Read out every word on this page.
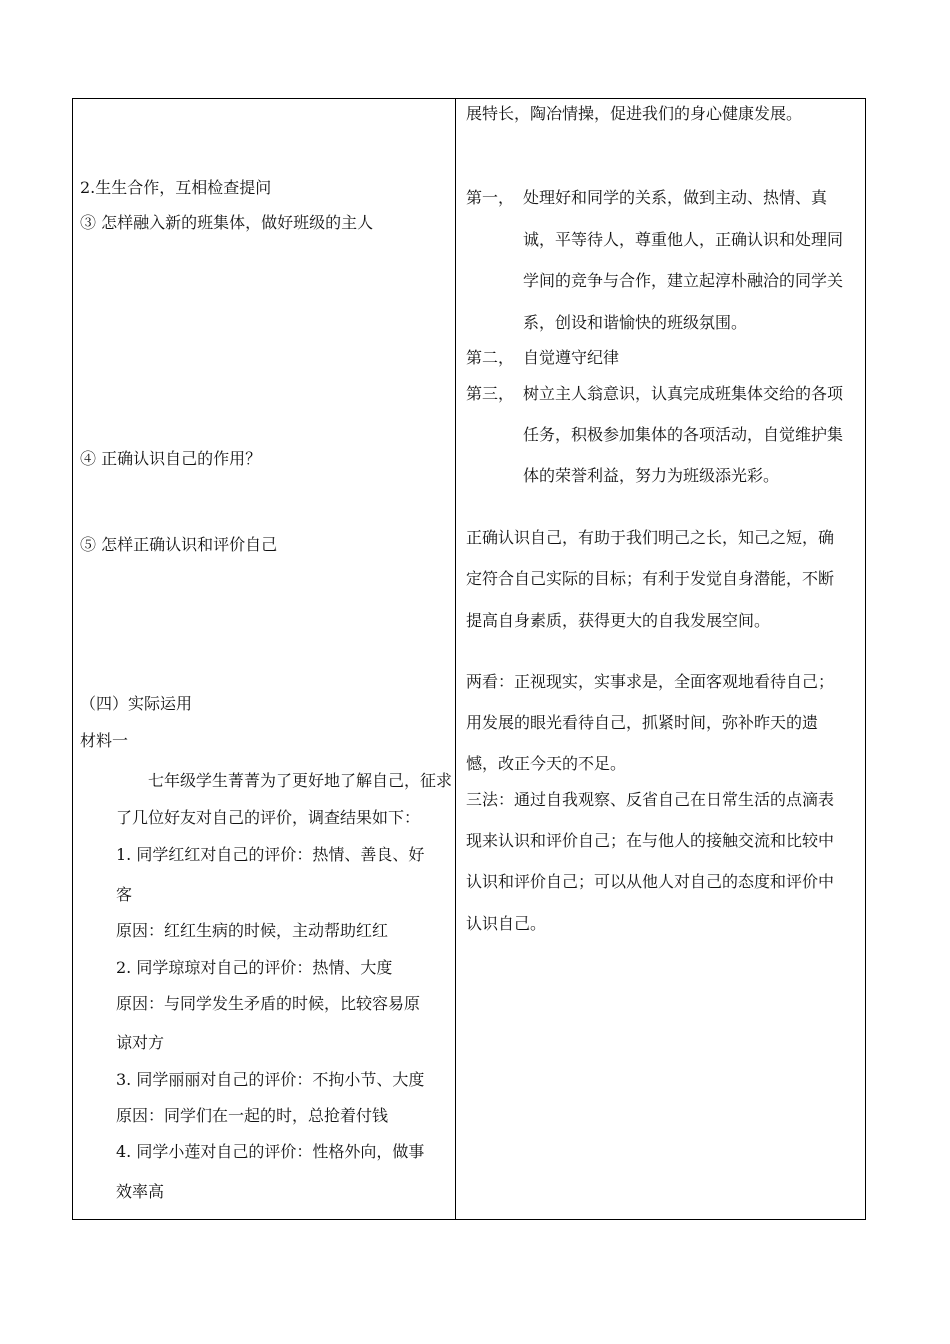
2.生生合作，互相检查提问
③ 怎样融入新的班集体，做好班级的主人
④ 正确认识自己的作用？
⑤ 怎样正确认识和评价自己
（四）实际运用
材料一
七年级学生菁菁为了更好地了解自己，征求
了几位好友对自己的评价，调查结果如下：
1. 同学红红对自己的评价：热情、善良、好
客
原因：红红生病的时候，主动帮助红红
2. 同学琼琼对自己的评价：热情、大度
原因：与同学发生矛盾的时候，比较容易原
谅对方
3. 同学丽丽对自己的评价：不拘小节、大度
原因：同学们在一起的时，总抢着付钱
4. 同学小莲对自己的评价：性格外向，做事
效率高
展特长，陶冶情操，促进我们的身心健康发展。
第一， 处理好和同学的关系，做到主动、热情、真
诚，平等待人，尊重他人，正确认识和处理同
学间的竞争与合作，建立起淳朴融洽的同学关
系，创设和谐愉快的班级氛围。
第二， 自觉遵守纪律
第三， 树立主人翁意识，认真完成班集体交给的各项
任务，积极参加集体的各项活动，自觉维护集
体的荣誉利益，努力为班级添光彩。
正确认识自己，有助于我们明己之长，知己之短，确
定符合自己实际的目标；有利于发觉自身潜能，不断
提高自身素质，获得更大的自我发展空间。
两看：正视现实，实事求是，全面客观地看待自己；
用发展的眼光看待自己，抓紧时间，弥补昨天的遗
憾，改正今天的不足。
三法：通过自我观察、反省自己在日常生活的点滴表
现来认识和评价自己；在与他人的接触交流和比较中
认识和评价自己；可以从他人对自己的态度和评价中
认识自己。
